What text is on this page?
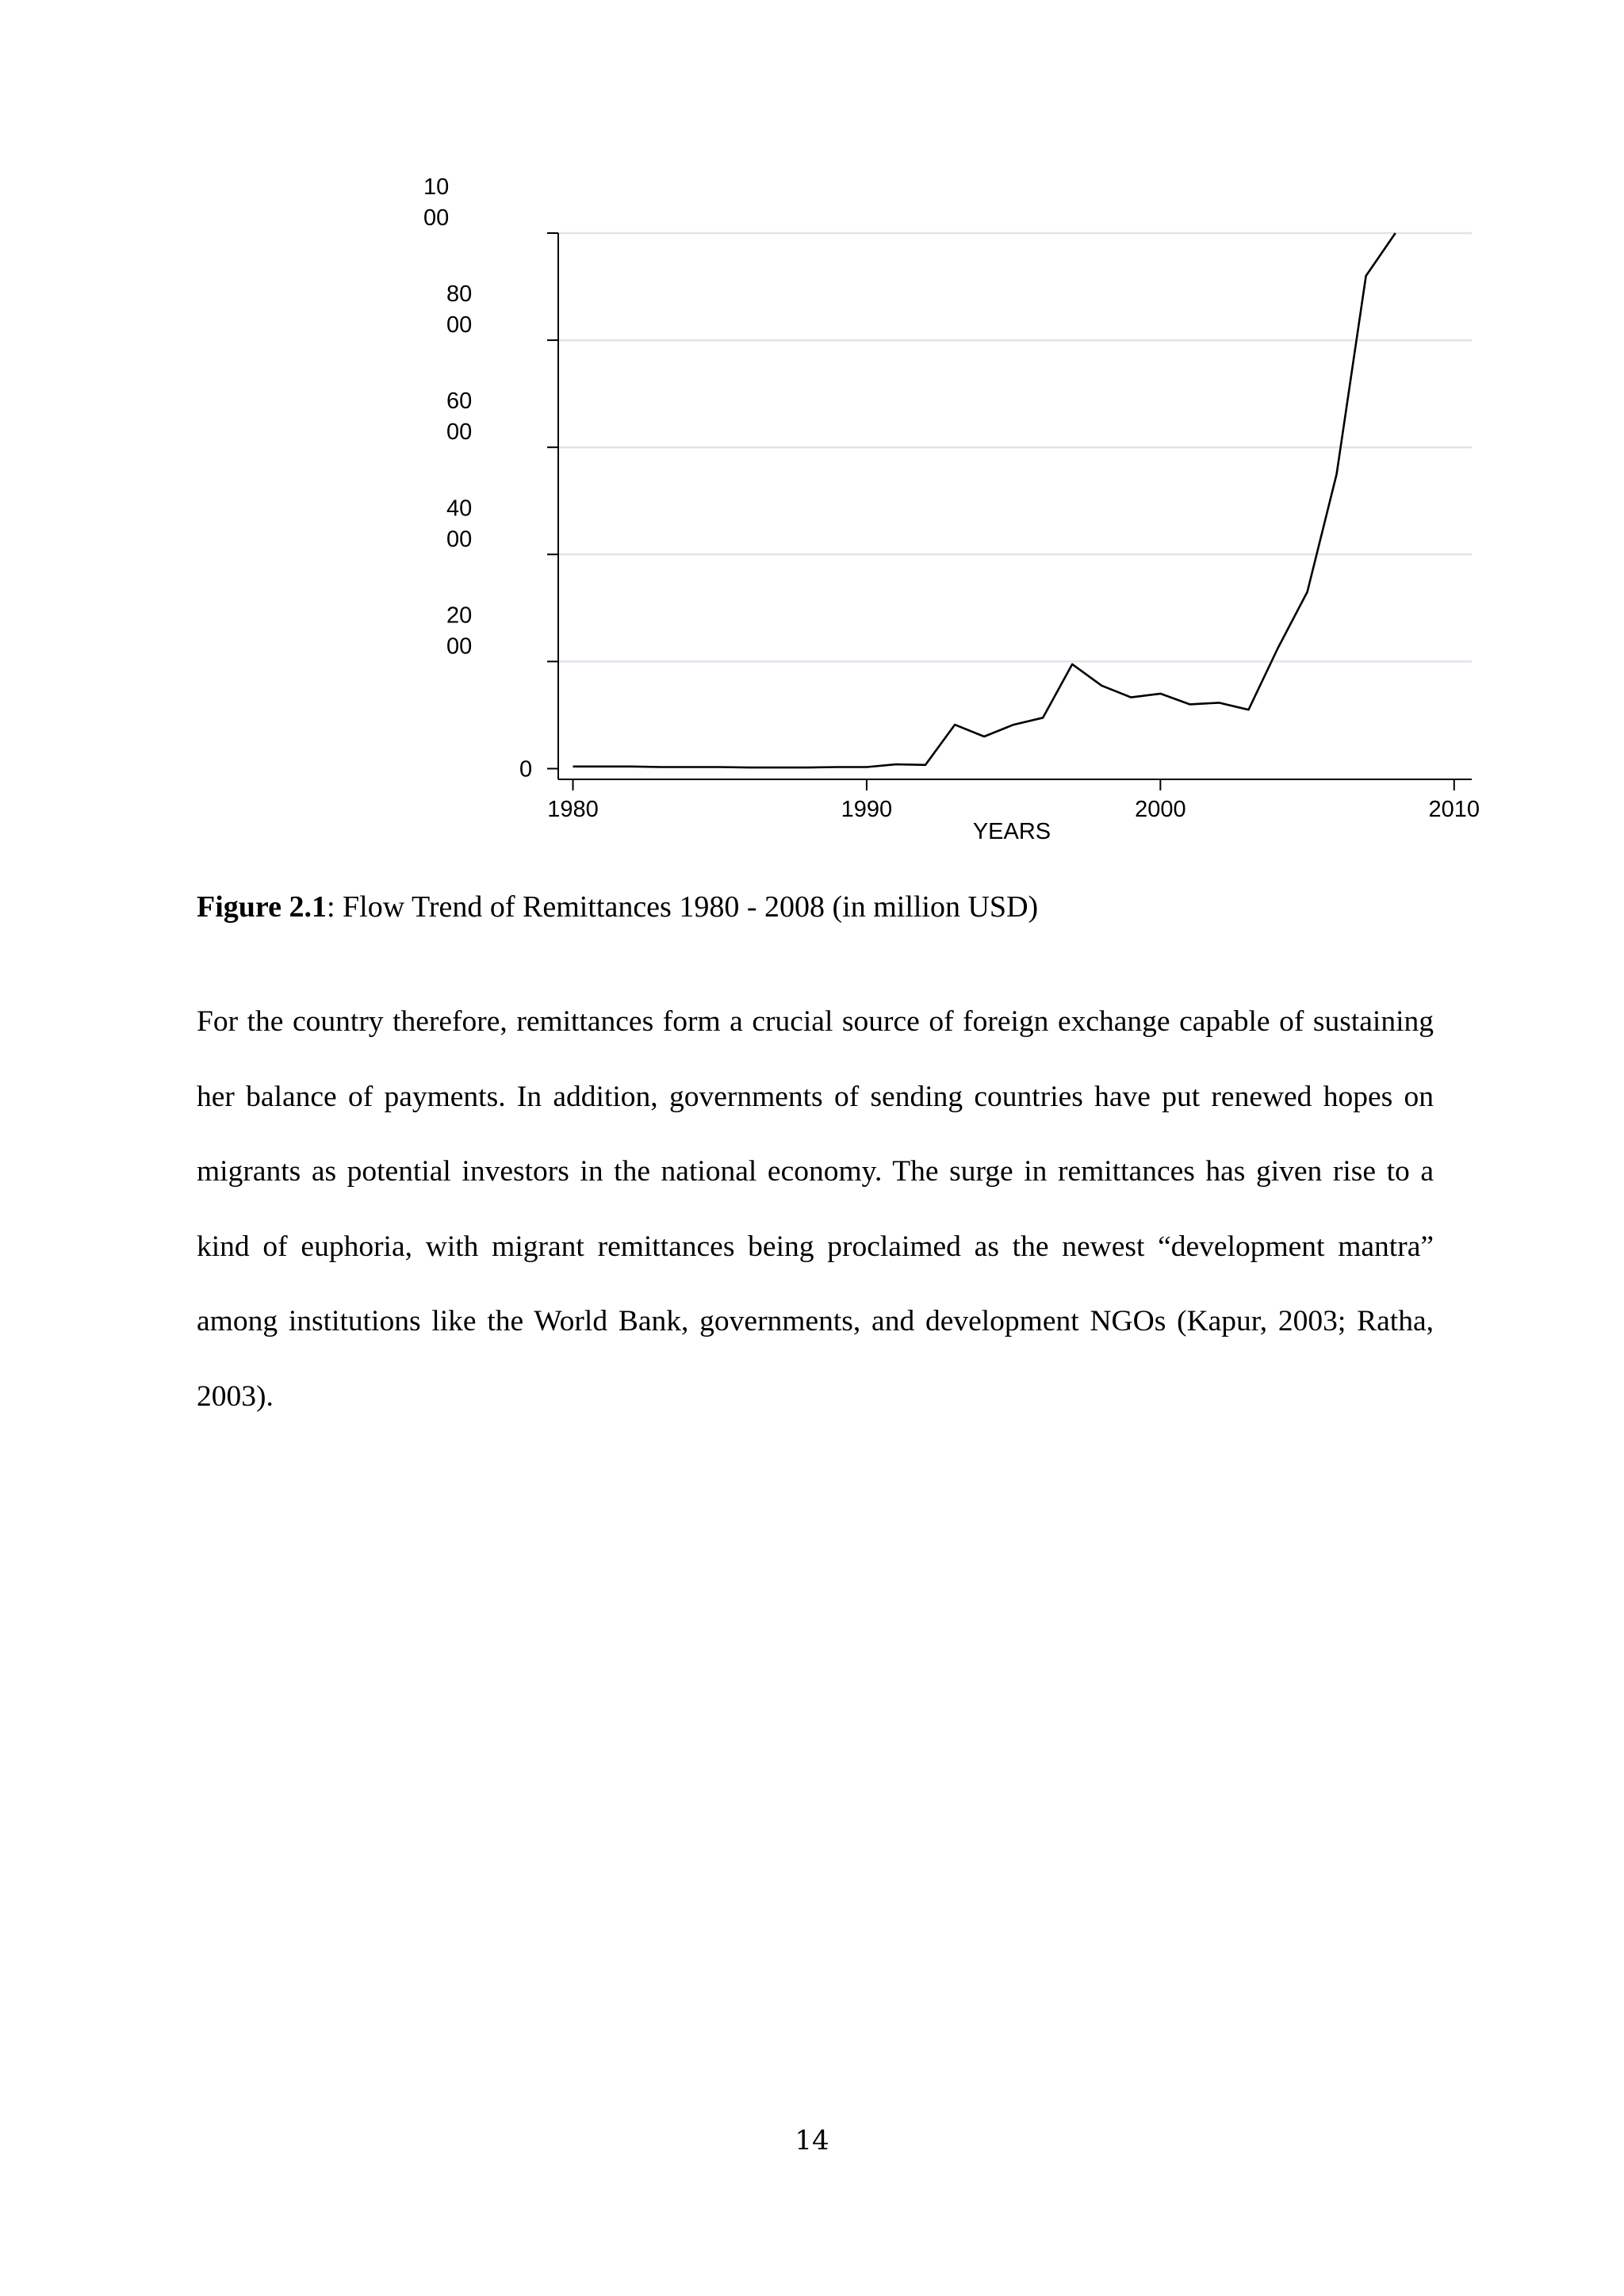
0
20
00
40
00
60
00
80
00
10
00
1980	1990	2000	2010
YEARS
Figure 2.1: Flow Trend of Remittances 1980 - 2008 (in million USD)

For the country therefore, remittances form a crucial source of foreign exchange capable of sustaining her balance of payments. In addition, governments of sending countries have put renewed hopes on migrants as potential investors in the national economy. The surge in remittances has given rise to a kind of euphoria, with migrant remittances being proclaimed as the newest “development mantra” among institutions like the World Bank, governments, and development NGOs (Kapur, 2003; Ratha, 2003).

14
